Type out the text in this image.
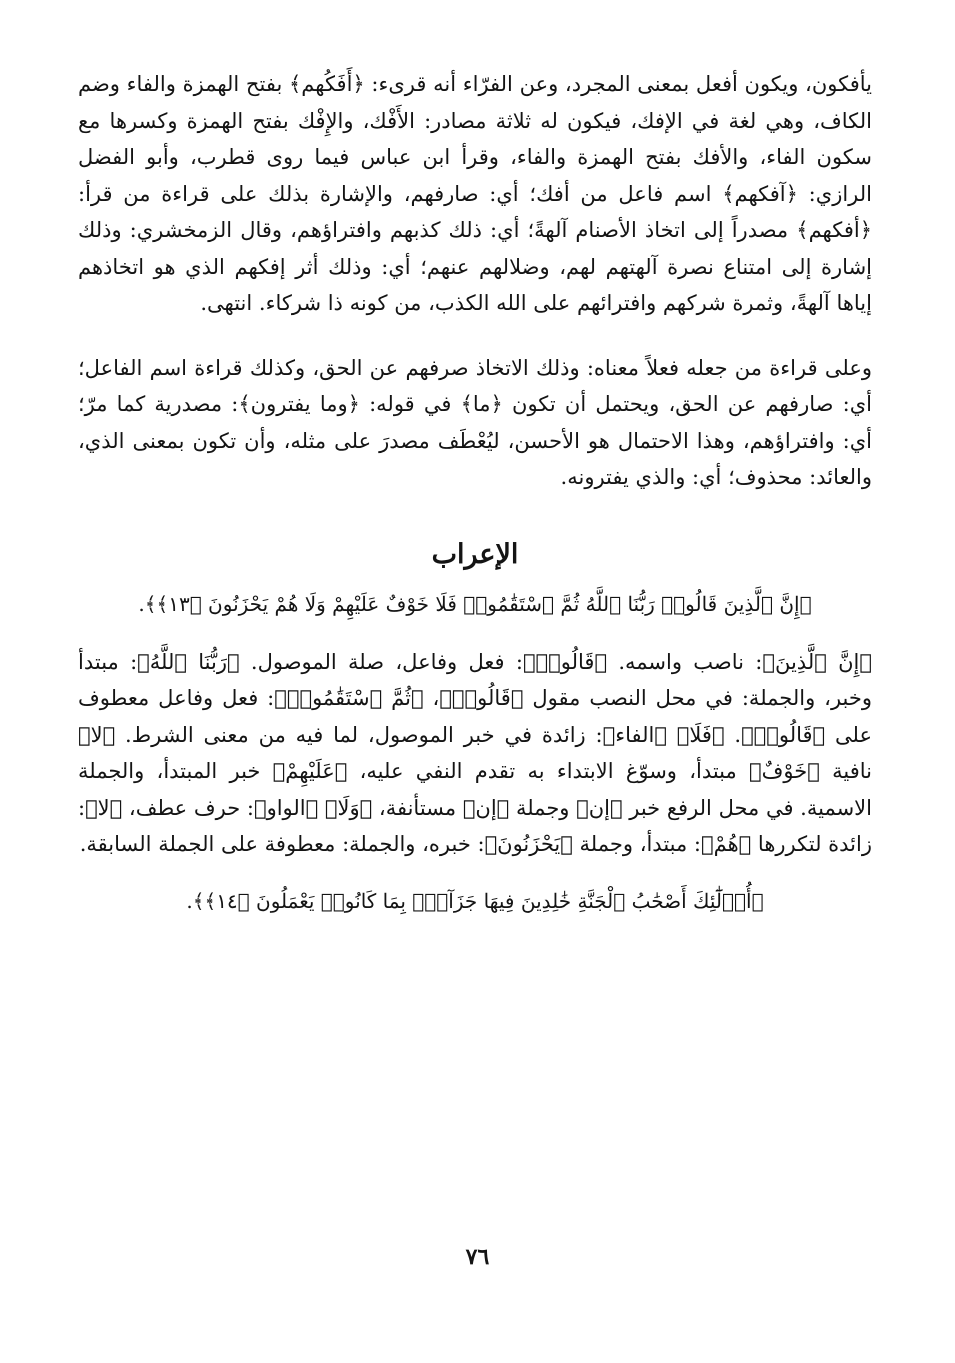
يأفكون، ويكون أفعل بمعنى المجرد، وعن الفرّاء أنه قرىء: ﴿أَفَكُهم﴾ بفتح الهمزة والفاء وضم الكاف، وهي لغة في الإفك، فيكون له ثلاثة مصادر: الأَفْك، والإِفْك بفتح الهمزة وكسرها مع سكون الفاء، والأفك بفتح الهمزة والفاء، وقرأ ابن عباس فيما روى قطرب، وأبو الفضل الرازي: ﴿آفكهم﴾ اسم فاعل من أفك؛ أي: صارفهم، والإشارة بذلك على قراءة من قرأ: ﴿أفكهم﴾ مصدراً إلى اتخاذ الأصنام آلهةً؛ أي: ذلك كذبهم وافتراؤهم، وقال الزمخشري: وذلك إشارة إلى امتناع نصرة آلهتهم لهم، وضلالهم عنهم؛ أي: وذلك أثر إفكهم الذي هو اتخاذهم إياها آلهةً، وثمرة شركهم وافترائهم على الله الكذب، من كونه ذا شركاء. انتهى.

وعلى قراءة من جعله فعلاً معناه: وذلك الاتخاذ صرفهم عن الحق، وكذلك قراءة اسم الفاعل؛ أي: صارفهم عن الحق، ويحتمل أن تكون ﴿ما﴾ في قوله: ﴿وما يفترون﴾: مصدرية كما مرّ؛ أي: وافتراؤهم، وهذا الاحتمال هو الأحسن، ليُعْطَف مصدرَ على مثله، وأن تكون بمعنى الذي، والعائد: محذوف؛ أي: والذي يفترونه.

الإعراب

﴿إِنَّ ٱلَّذِينَ قَالُوا۟ رَبُّنَا ٱللَّهُ ثُمَّ ٱسْتَقَٰمُوا۟ فَلَا خَوْفٌ عَلَيْهِمْ وَلَا هُمْ يَحْزَنُونَ ﴿١٣﴾﴾.

﴿إِنَّ ٱلَّذِينَ﴾: ناصب واسمه. ﴿قَالُوا۟﴾: فعل وفاعل، صلة الموصول. ﴿رَبُّنَا ٱللَّهُ﴾: مبتدأ وخبر، والجملة: في محل النصب مقول ﴿قَالُوا۟﴾، ﴿ثُمَّ ٱسْتَقَٰمُوا۟﴾: فعل وفاعل معطوف على ﴿قَالُوا۟﴾. ﴿فَلَا﴾ ﴿الفاء﴾: زائدة في خبر الموصول، لما فيه من معنى الشرط. ﴿لا﴾ نافية ﴿خَوْفٌ﴾ مبتدأ، وسوّغ الابتداء به تقدم النفي عليه، ﴿عَلَيْهِمْ﴾ خبر المبتدأ، والجملة الاسمية. في محل الرفع خبر ﴿إن﴾ وجملة ﴿إن﴾ مستأنفة، ﴿وَلَا﴾ ﴿الواو﴾: حرف عطف، ﴿لا﴾: زائدة لتكررها ﴿هُمْ﴾: مبتدأ، وجملة ﴿يَحْزَنُونَ﴾: خبره، والجملة: معطوفة على الجملة السابقة.

﴿أُو۟لَٰٓئِكَ أَصْحَٰبُ ٱلْجَنَّةِ خَٰلِدِينَ فِيهَا جَزَآءًۢ بِمَا كَانُوا۟ يَعْمَلُونَ ﴿١٤﴾﴾.

٧٦
